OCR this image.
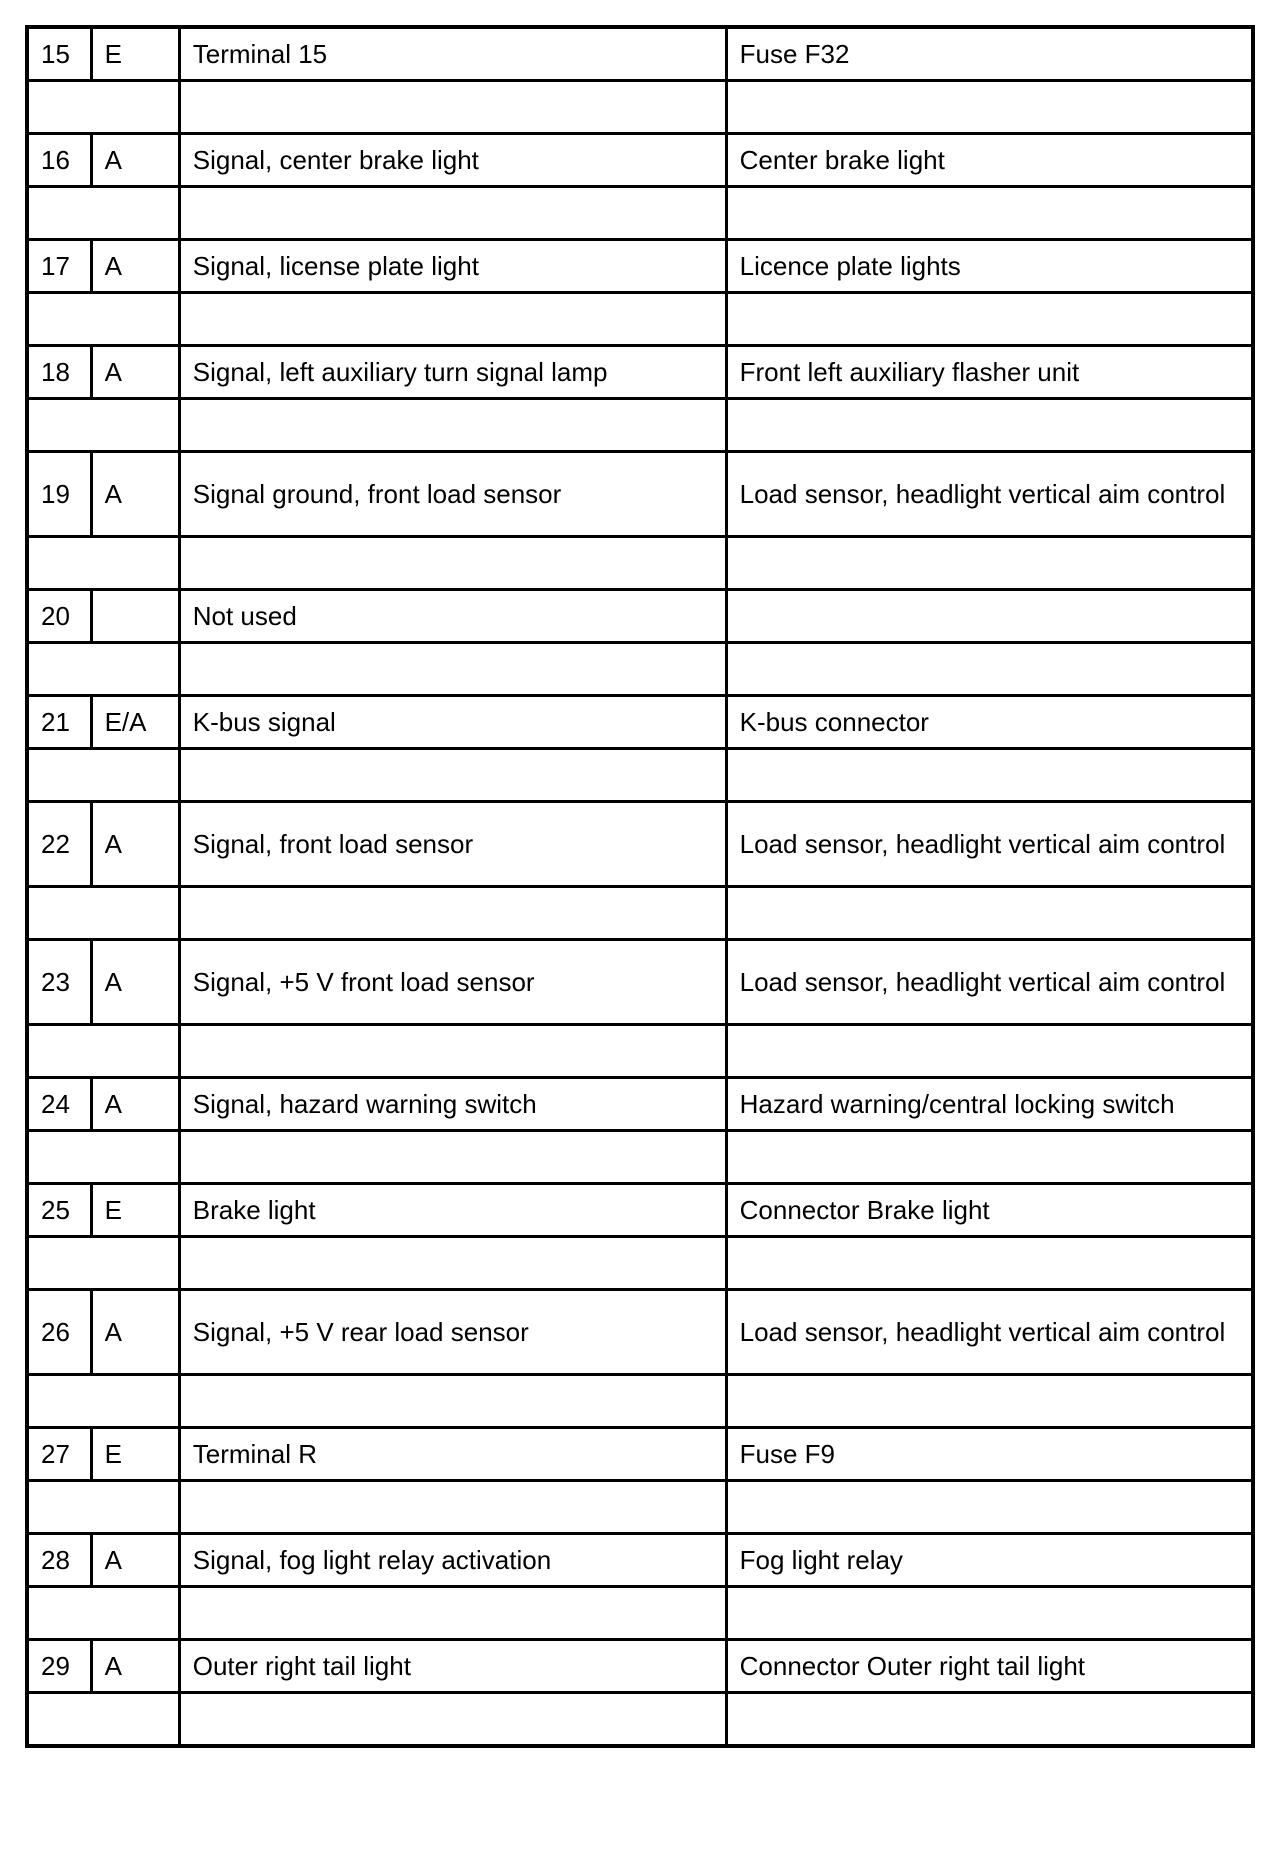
15	E	Terminal 15	Fuse F32

16	A	Signal, center brake light	Center brake light

17	A	Signal, license plate light	Licence plate lights

18	A	Signal, left auxiliary turn signal lamp	Front left auxiliary flasher unit

19	A	Signal ground, front load sensor	Load sensor, headlight vertical aim control

20		Not used	

21	E/A	K-bus signal	K-bus connector

22	A	Signal, front load sensor	Load sensor, headlight vertical aim control

23	A	Signal, +5 V front load sensor	Load sensor, headlight vertical aim control

24	A	Signal, hazard warning switch	Hazard warning/central locking switch

25	E	Brake light	Connector Brake light

26	A	Signal, +5 V rear load sensor	Load sensor, headlight vertical aim control

27	E	Terminal R	Fuse F9

28	A	Signal, fog light relay activation	Fog light relay

29	A	Outer right tail light	Connector Outer right tail light
